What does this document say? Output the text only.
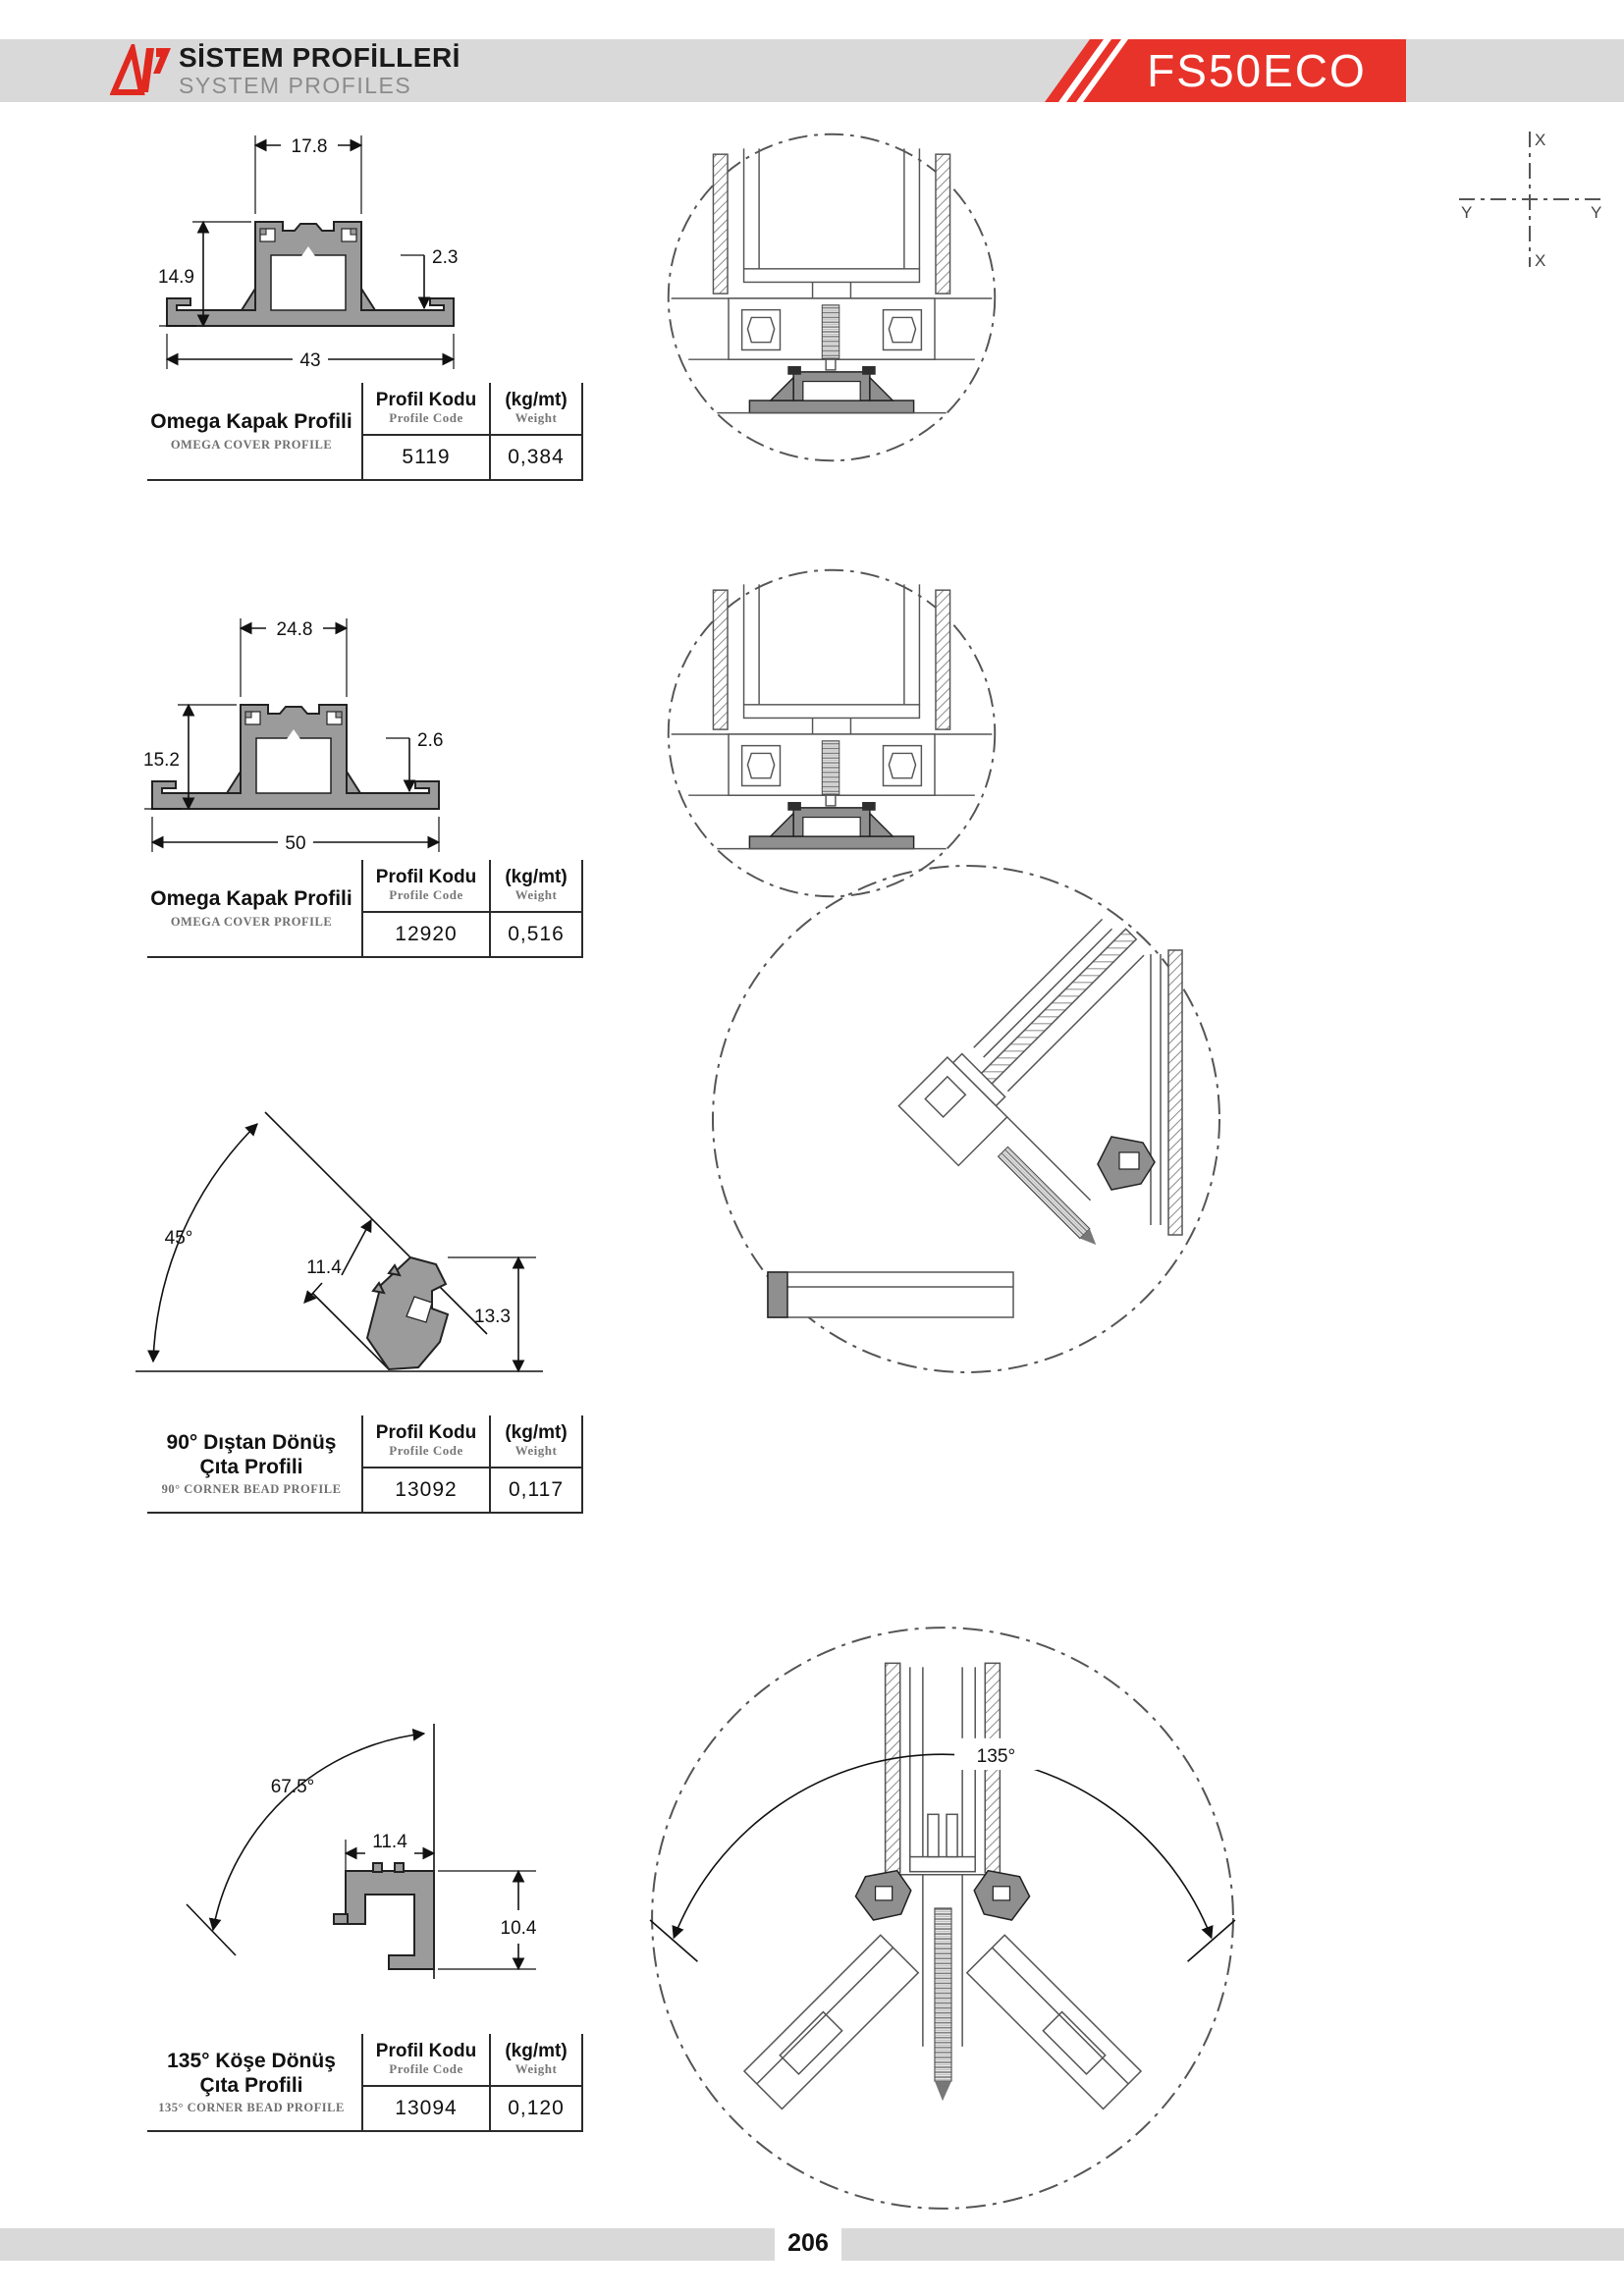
SİSTEM PROFİLLERİ
SYSTEM PROFILES	FS50ECO
X
X
Y	Y
17.8
14.9
2.3
43
Omega Kapak Profili
OMEGA COVER PROFILE
Profil Kodu
Profile Code
5119
(kg/mt)
Weight
0,384
24.8
15.2
2.6
50
Omega Kapak Profili
OMEGA COVER PROFILE
Profil Kodu
Profile Code
12920
(kg/mt)
Weight
0,516
45°
11.4
13.3
90° Dıştan Dönüş
Çıta Profili
90° CORNER BEAD PROFILE
Profil Kodu
Profile Code
13092
(kg/mt)
Weight
0,117
67.5°
11.4
10.4
135°
135° Köşe Dönüş
Çıta Profili
135° CORNER BEAD PROFILE
Profil Kodu
Profile Code
13094
(kg/mt)
Weight
0,120
206
